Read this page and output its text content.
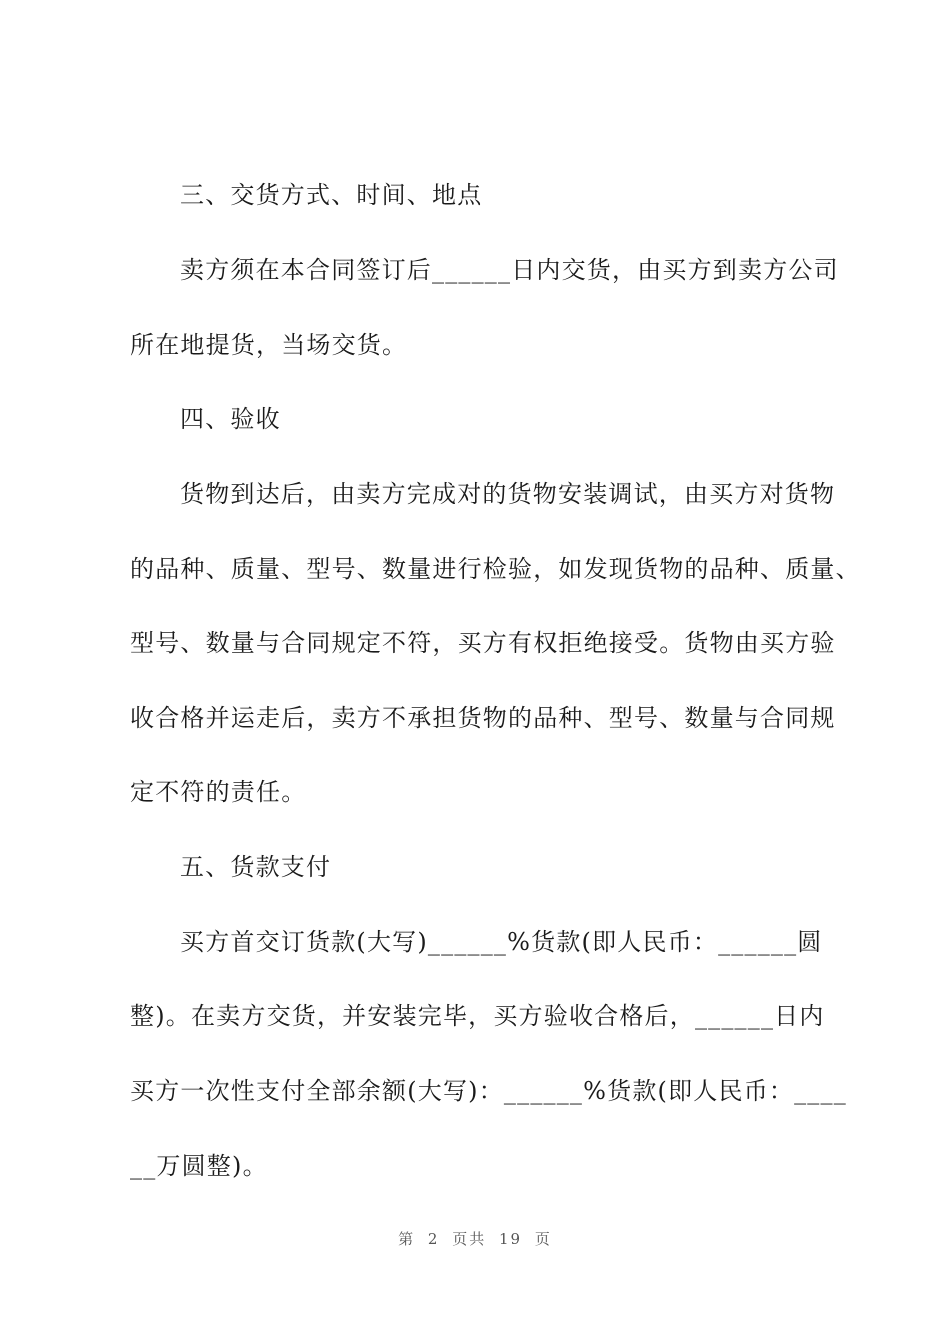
三、交货方式、时间、地点
卖方须在本合同签订后______日内交货，由买方到卖方公司
所在地提货，当场交货。
四、验收
货物到达后，由卖方完成对的货物安装调试，由买方对货物
的品种、质量、型号、数量进行检验，如发现货物的品种、质量、
型号、数量与合同规定不符，买方有权拒绝接受。货物由买方验
收合格并运走后，卖方不承担货物的品种、型号、数量与合同规
定不符的责任。
五、货款支付
买方首交订货款(大写)______%货款(即人民币：______圆
整)。在卖方交货，并安装完毕，买方验收合格后，______日内
买方一次性支付全部余额(大写)：______%货款(即人民币：____
__万圆整)。
第 2 页共 19 页
